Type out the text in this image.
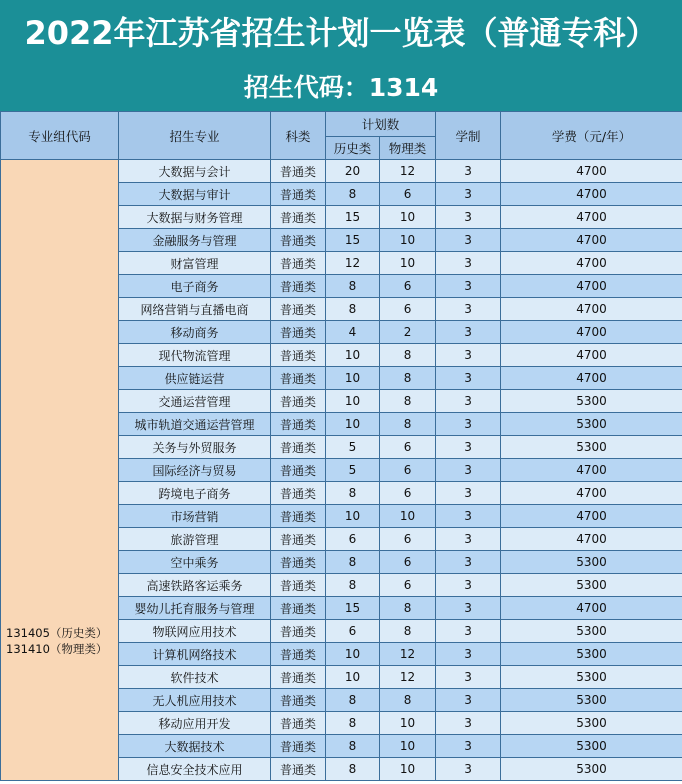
2022年江苏省招生计划一览表（普通专科）
招生代码：1314
专业组代码	招生专业	科类	计划数		学制	学费（元/年）
			历史类	物理类		

131405（历史类）
131410（物理类）	大数据与会计	普通类	20	12	3	4700
	大数据与审计	普通类	8	6	3	4700
	大数据与财务管理	普通类	15	10	3	4700
	金融服务与管理	普通类	15	10	3	4700
	财富管理	普通类	12	10	3	4700
	电子商务	普通类	8	6	3	4700
	网络营销与直播电商	普通类	8	6	3	4700
	移动商务	普通类	4	2	3	4700
	现代物流管理	普通类	10	8	3	4700
	供应链运营	普通类	10	8	3	4700
	交通运营管理	普通类	10	8	3	5300
	城市轨道交通运营管理	普通类	10	8	3	5300
	关务与外贸服务	普通类	5	6	3	5300
	国际经济与贸易	普通类	5	6	3	4700
	跨境电子商务	普通类	8	6	3	4700
	市场营销	普通类	10	10	3	4700
	旅游管理	普通类	6	6	3	4700
	空中乘务	普通类	8	6	3	5300
	高速铁路客运乘务	普通类	8	6	3	5300
	婴幼儿托育服务与管理	普通类	15	8	3	4700
	物联网应用技术	普通类	6	8	3	5300
	计算机网络技术	普通类	10	12	3	5300
	软件技术	普通类	10	12	3	5300
	无人机应用技术	普通类	8	8	3	5300
	移动应用开发	普通类	8	10	3	5300
	大数据技术	普通类	8	10	3	5300
	信息安全技术应用	普通类	8	10	3	5300
